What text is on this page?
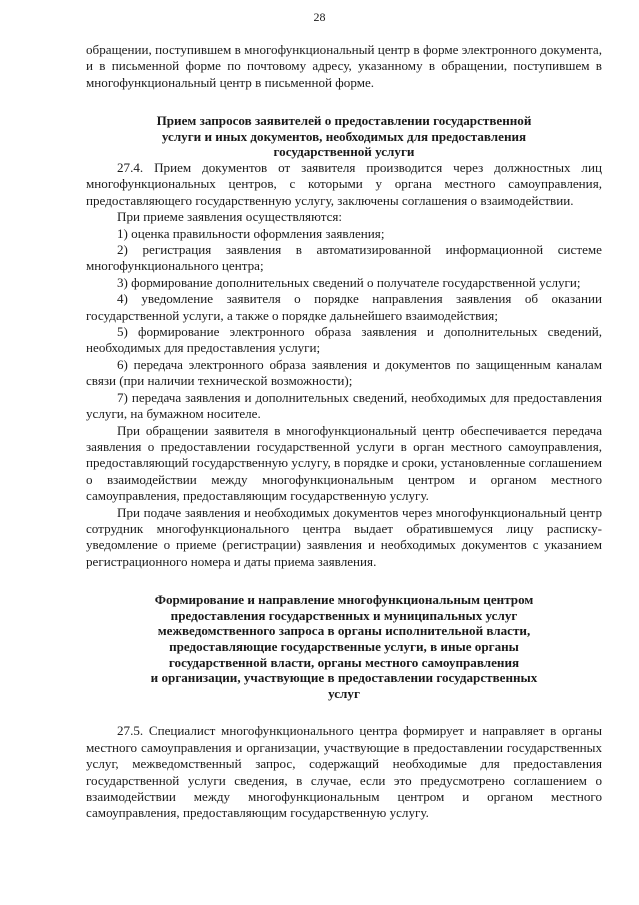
28

обращении, поступившем в многофункциональный центр в форме электронного документа, и в письменной форме по почтовому адресу, указанному в обращении, поступившем в многофункциональный центр в письменной форме.

Прием запросов заявителей о предоставлении государственной
услуги и иных документов, необходимых для предоставления
государственной услуги

27.4. Прием документов от заявителя производится через должностных лиц многофункциональных центров, с которыми у органа местного самоуправления, предоставляющего государственную услугу, заключены соглашения о взаимодействии.

При приеме заявления осуществляются:

1) оценка правильности оформления заявления;

2) регистрация заявления в автоматизированной информационной системе многофункционального центра;

3) формирование дополнительных сведений о получателе государственной услуги;

4) уведомление заявителя о порядке направления заявления об оказании государственной услуги, а также о порядке дальнейшего взаимодействия;

5) формирование электронного образа заявления и дополнительных сведений, необходимых для предоставления услуги;

6) передача электронного образа заявления и документов по защищенным каналам связи (при наличии технической возможности);

7) передача заявления и дополнительных сведений, необходимых для предоставления услуги, на бумажном носителе.

При обращении заявителя в многофункциональный центр обеспечивается передача заявления о предоставлении государственной услуги в орган местного самоуправления, предоставляющий государственную услугу, в порядке и сроки, установленные соглашением о взаимодействии между многофункциональным центром и органом местного самоуправления, предоставляющим государственную услугу.

При подаче заявления и необходимых документов через многофункциональный центр сотрудник многофункционального центра выдает обратившемуся лицу расписку-уведомление о приеме (регистрации) заявления и необходимых документов с указанием регистрационного номера и даты приема заявления.

Формирование и направление многофункциональным центром
предоставления государственных и муниципальных услуг
межведомственного запроса в органы исполнительной власти,
предоставляющие государственные услуги, в иные органы
государственной власти, органы местного самоуправления
и организации, участвующие в предоставлении государственных
услуг

27.5. Специалист многофункционального центра формирует и направляет в органы местного самоуправления и организации, участвующие в предоставлении государственных услуг, межведомственный запрос, содержащий необходимые для предоставления государственной услуги сведения, в случае, если это предусмотрено соглашением о взаимодействии между многофункциональным центром и органом местного самоуправления, предоставляющим государственную услугу.
